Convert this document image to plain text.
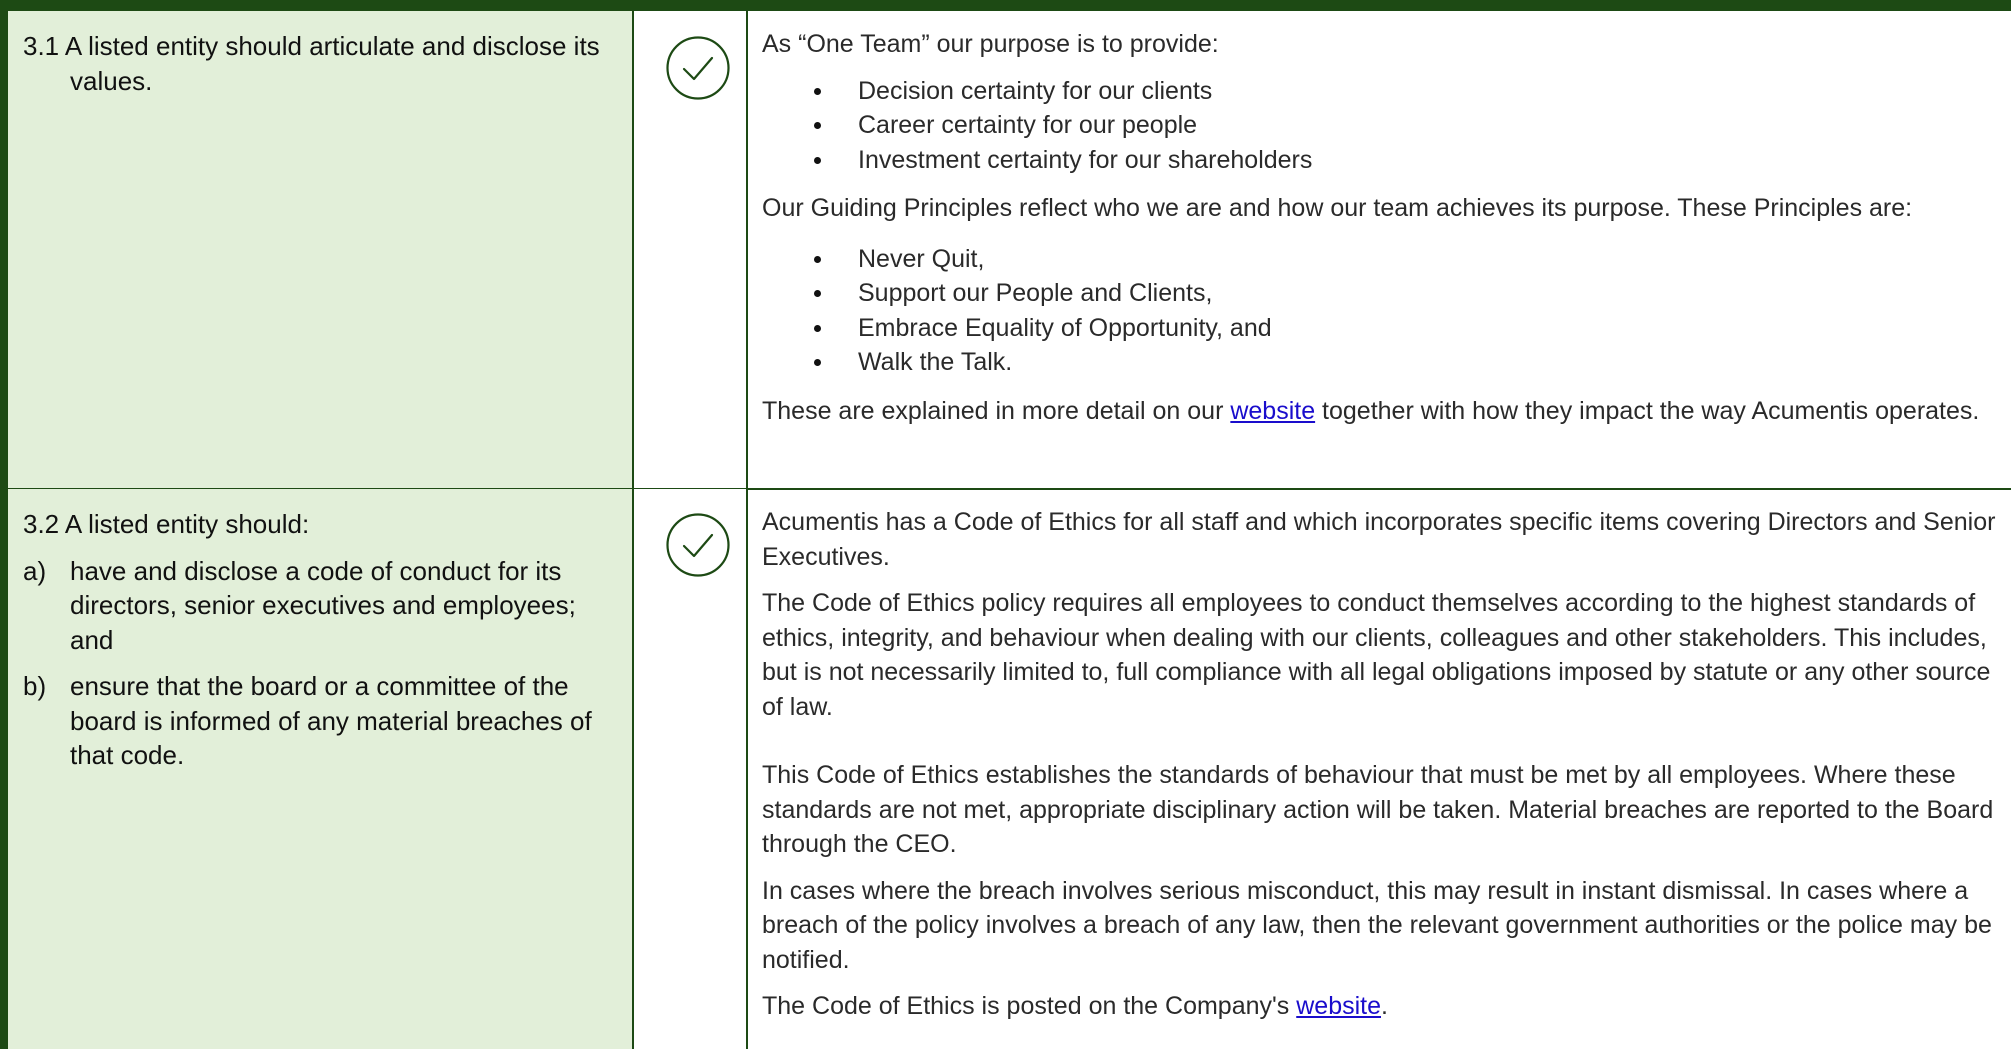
3.1 A listed entity should articulate and disclose its values.

As “One Team” our purpose is to provide:

Decision certainty for our clients
Career certainty for our people
Investment certainty for our shareholders

Our Guiding Principles reflect who we are and how our team achieves its purpose. These Principles are:

Never Quit,
Support our People and Clients,
Embrace Equality of Opportunity, and
Walk the Talk.

These are explained in more detail on our website together with how they impact the way Acumentis operates.

3.2 A listed entity should:

a) have and disclose a code of conduct for its directors, senior executives and employees; and
b) ensure that the board or a committee of the board is informed of any material breaches of that code.

Acumentis has a Code of Ethics for all staff and which incorporates specific items covering Directors and Senior Executives.

The Code of Ethics policy requires all employees to conduct themselves according to the highest standards of ethics, integrity, and behaviour when dealing with our clients, colleagues and other stakeholders. This includes, but is not necessarily limited to, full compliance with all legal obligations imposed by statute or any other source of law.

This Code of Ethics establishes the standards of behaviour that must be met by all employees. Where these standards are not met, appropriate disciplinary action will be taken. Material breaches are reported to the Board through the CEO.

In cases where the breach involves serious misconduct, this may result in instant dismissal. In cases where a breach of the policy involves a breach of any law, then the relevant government authorities or the police may be notified.

The Code of Ethics is posted on the Company's website.
